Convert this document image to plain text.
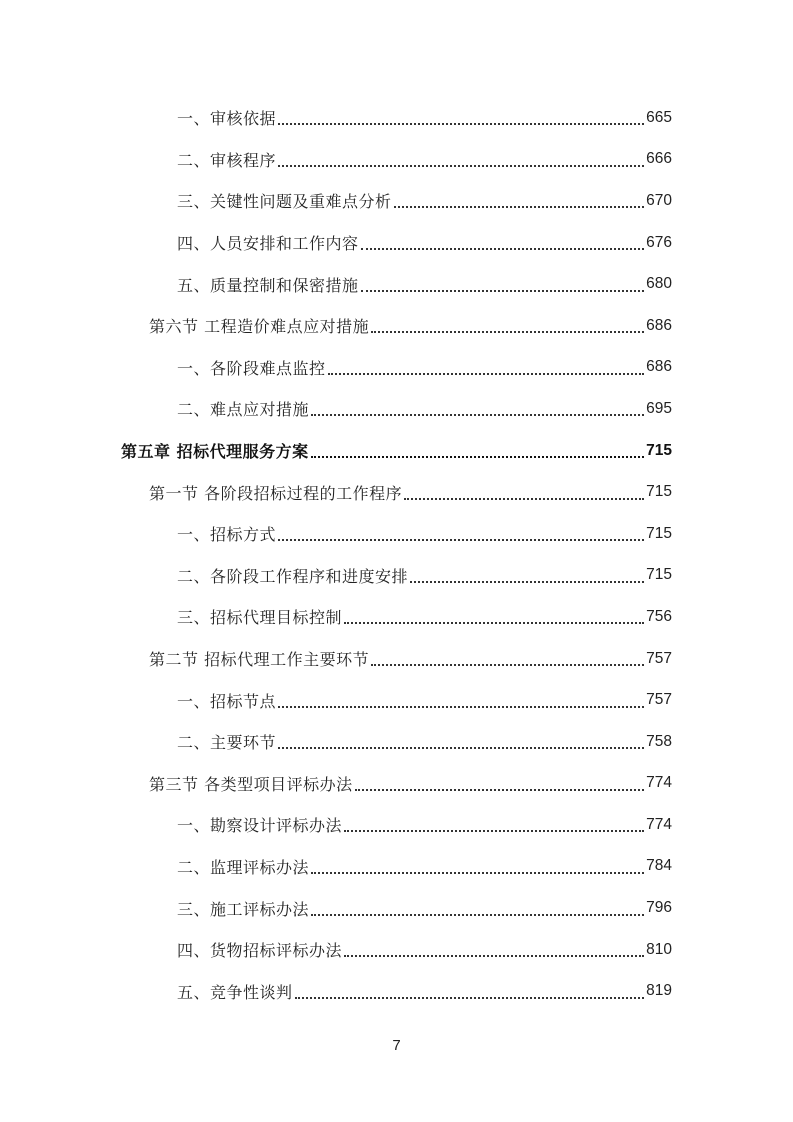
一、审核依据	665
二、审核程序	666
三、关键性问题及重难点分析	670
四、人员安排和工作内容	676
五、质量控制和保密措施	680
第六节 工程造价难点应对措施	686
一、各阶段难点监控	686
二、难点应对措施	695
第五章 招标代理服务方案	715
第一节 各阶段招标过程的工作程序	715
一、招标方式	715
二、各阶段工作程序和进度安排	715
三、招标代理目标控制	756
第二节 招标代理工作主要环节	757
一、招标节点	757
二、主要环节	758
第三节 各类型项目评标办法	774
一、勘察设计评标办法	774
二、监理评标办法	784
三、施工评标办法	796
四、货物招标评标办法	810
五、竞争性谈判	819
7
